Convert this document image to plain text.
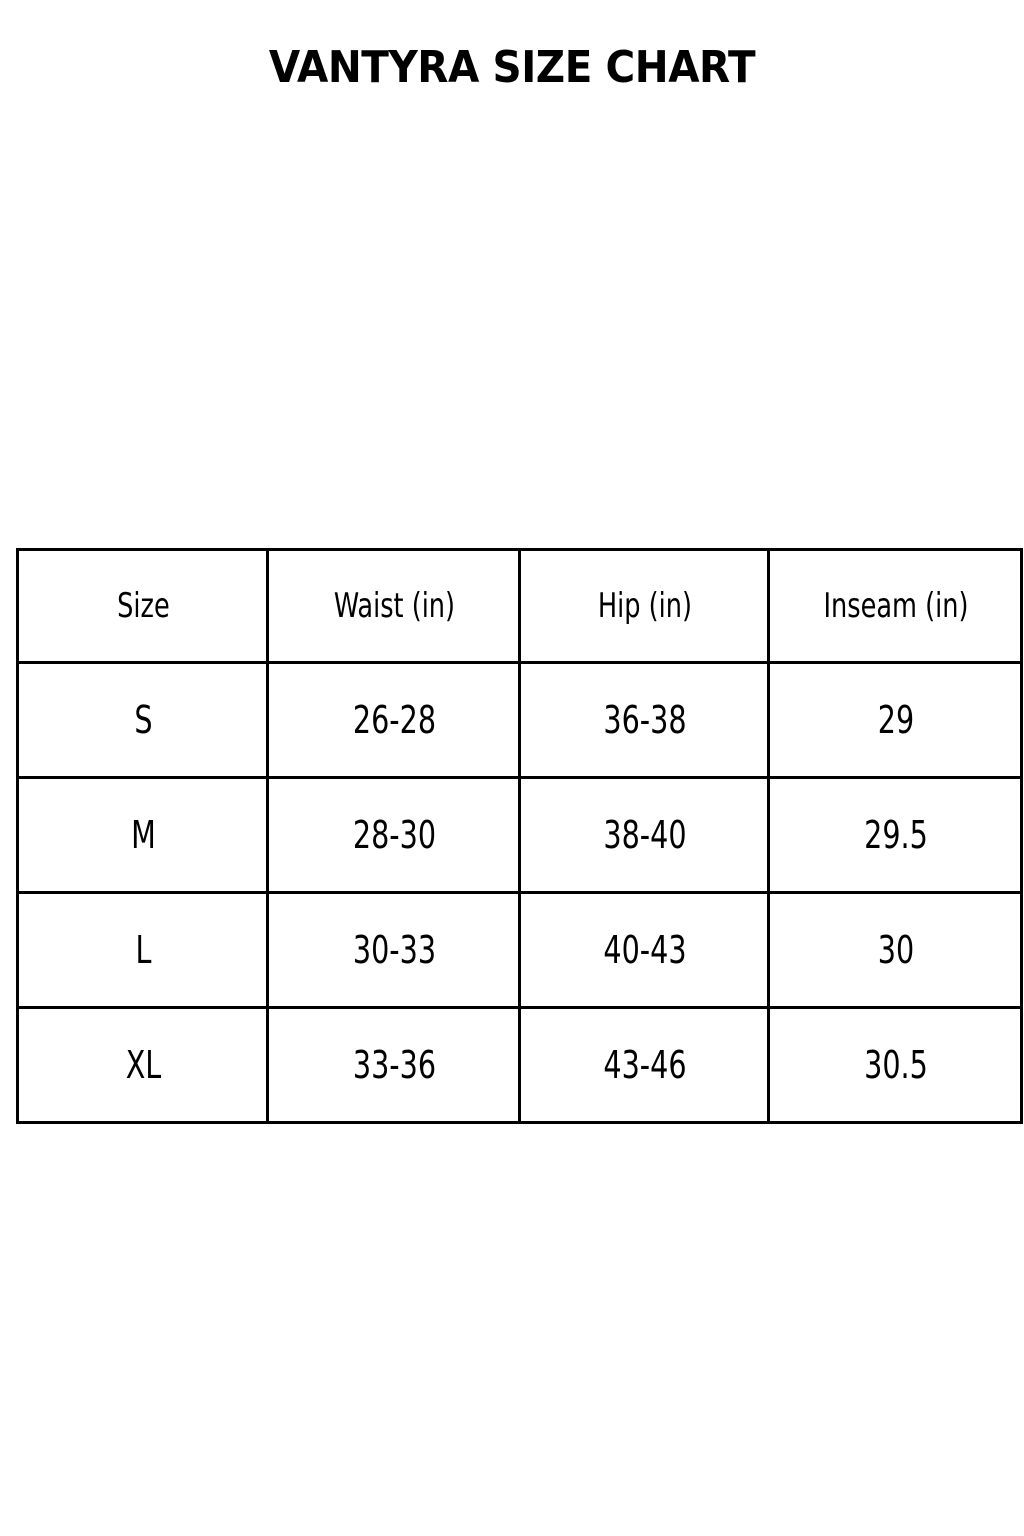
VANTYRA SIZE CHART
Size	Waist (in)	Hip (in)	Inseam (in)

S	26-28	36-38	29

M	28-30	38-40	29.5

L	30-33	40-43	30

XL	33-36	43-46	30.5
